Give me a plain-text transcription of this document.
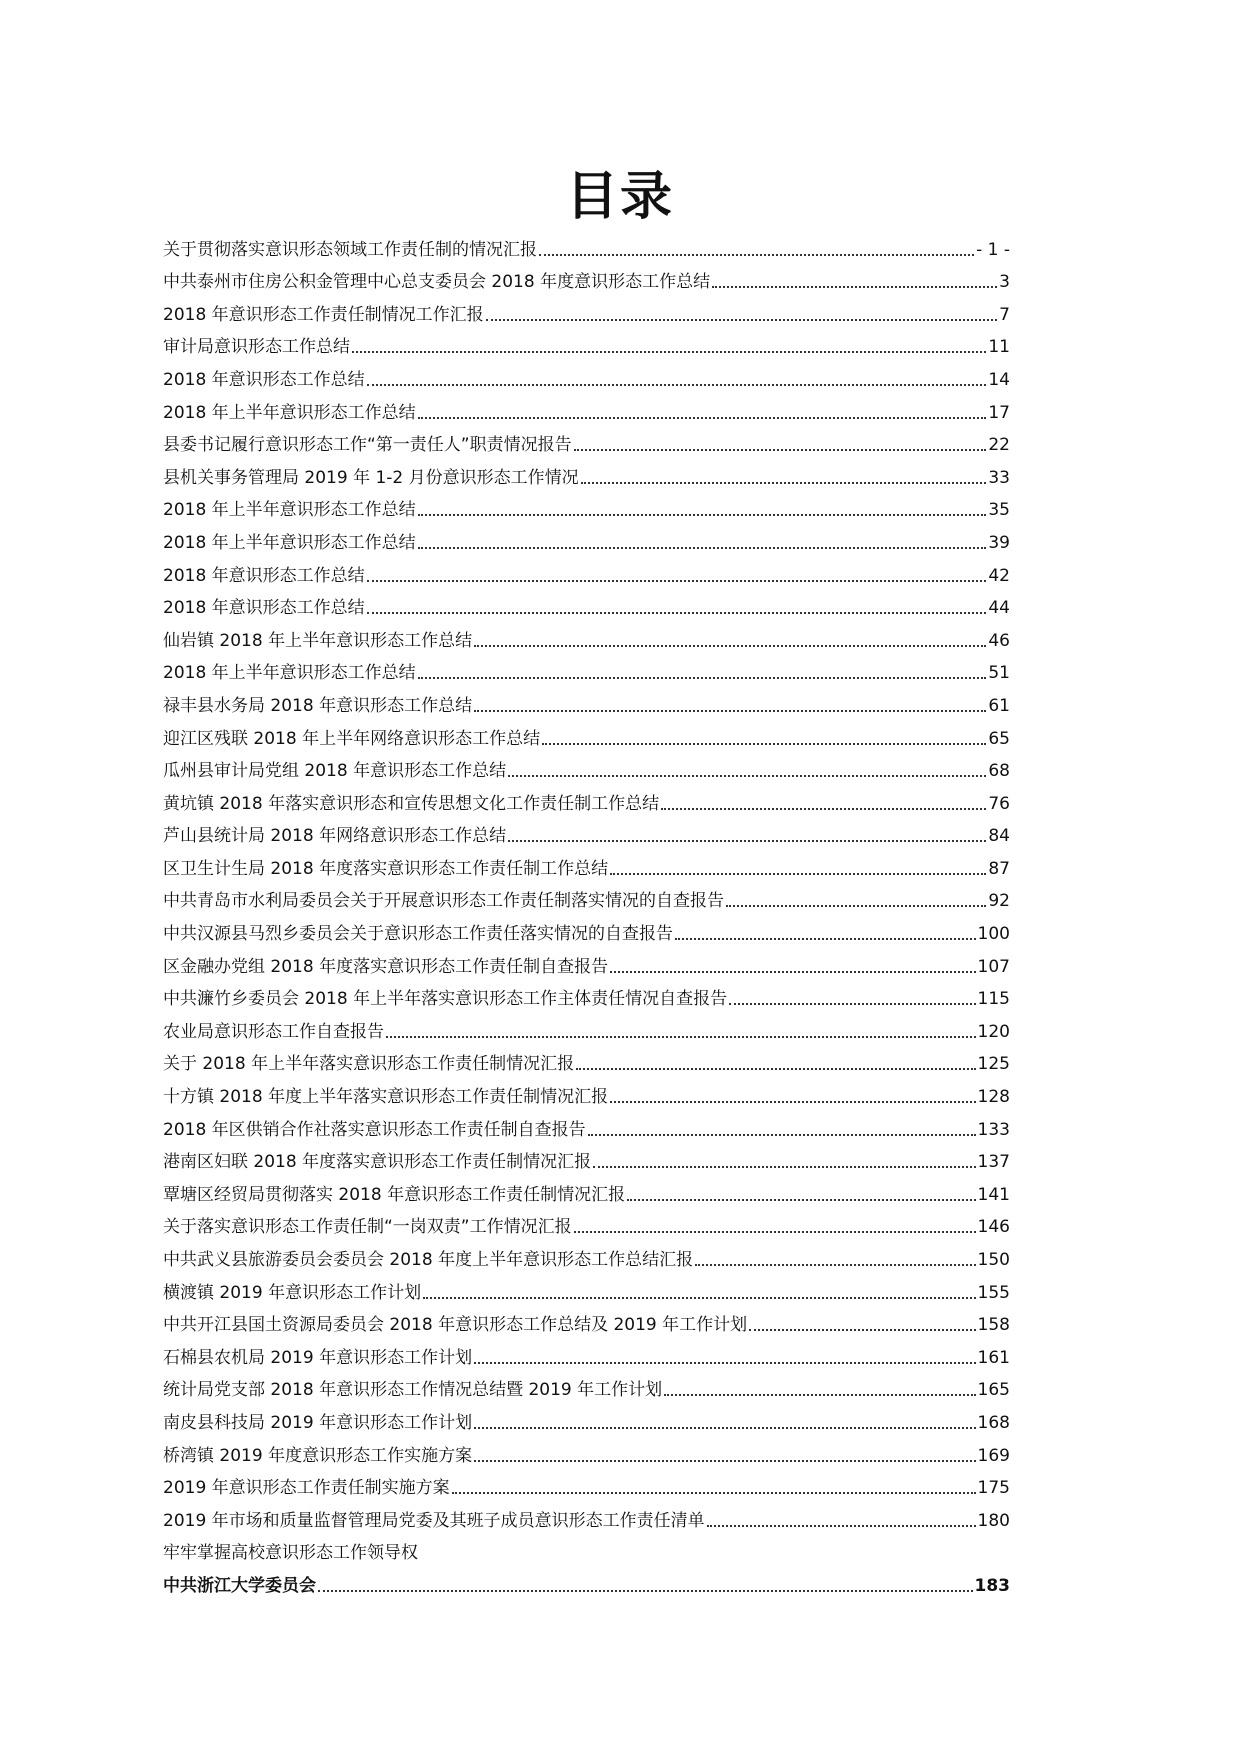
目录
关于贯彻落实意识形态领域工作责任制的情况汇报	- 1 -
中共泰州市住房公积金管理中心总支委员会 2018 年度意识形态工作总结	3
2018 年意识形态工作责任制情况工作汇报	7
审计局意识形态工作总结	11
2018 年意识形态工作总结	14
2018 年上半年意识形态工作总结	17
县委书记履行意识形态工作“第一责任人”职责情况报告	22
县机关事务管理局 2019 年 1-2 月份意识形态工作情况	33
2018 年上半年意识形态工作总结	35
2018 年上半年意识形态工作总结	39
2018 年意识形态工作总结	42
2018 年意识形态工作总结	44
仙岩镇 2018 年上半年意识形态工作总结	46
2018 年上半年意识形态工作总结	51
禄丰县水务局 2018 年意识形态工作总结	61
迎江区残联 2018 年上半年网络意识形态工作总结	65
瓜州县审计局党组 2018 年意识形态工作总结	68
黄坑镇 2018 年落实意识形态和宣传思想文化工作责任制工作总结	76
芦山县统计局 2018 年网络意识形态工作总结	84
区卫生计生局 2018 年度落实意识形态工作责任制工作总结	87
中共青岛市水利局委员会关于开展意识形态工作责任制落实情况的自查报告	92
中共汉源县马烈乡委员会关于意识形态工作责任落实情况的自查报告	100
区金融办党组 2018 年度落实意识形态工作责任制自查报告	107
中共濂竹乡委员会 2018 年上半年落实意识形态工作主体责任情况自查报告	115
农业局意识形态工作自查报告	120
关于 2018 年上半年落实意识形态工作责任制情况汇报	125
十方镇 2018 年度上半年落实意识形态工作责任制情况汇报	128
2018 年区供销合作社落实意识形态工作责任制自查报告	133
港南区妇联 2018 年度落实意识形态工作责任制情况汇报	137
覃塘区经贸局贯彻落实 2018 年意识形态工作责任制情况汇报	141
关于落实意识形态工作责任制“一岗双责”工作情况汇报	146
中共武义县旅游委员会委员会 2018 年度上半年意识形态工作总结汇报	150
横渡镇 2019 年意识形态工作计划	155
中共开江县国土资源局委员会 2018 年意识形态工作总结及 2019 年工作计划	158
石棉县农机局 2019 年意识形态工作计划	161
统计局党支部 2018 年意识形态工作情况总结暨 2019 年工作计划	165
南皮县科技局 2019 年意识形态工作计划	168
桥湾镇 2019 年度意识形态工作实施方案	169
2019 年意识形态工作责任制实施方案	175
2019 年市场和质量监督管理局党委及其班子成员意识形态工作责任清单	180
牢牢掌握高校意识形态工作领导权
中共浙江大学委员会	183
